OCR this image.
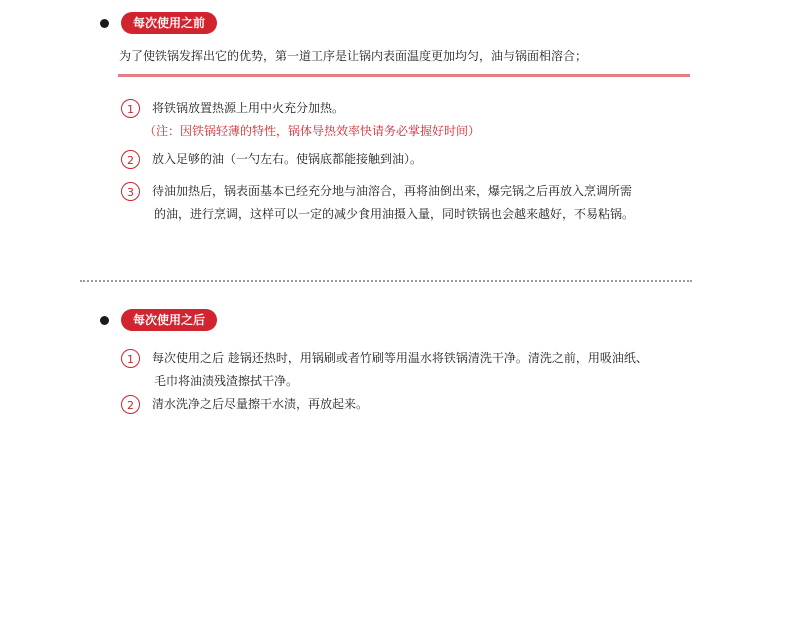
每次使用之前
为了使铁锅发挥出它的优势，第一道工序是让锅内表面温度更加均匀，油与锅面相溶合；
1	将铁锅放置热源上用中火充分加热。
（注：因铁锅轻薄的特性，锅体导热效率快请务必掌握好时间）
2	放入足够的油（一勺左右。使锅底都能接触到油）。
3	待油加热后，锅表面基本已经充分地与油溶合，再将油倒出来，爆完锅之后再放入烹调所需
的油，进行烹调，这样可以一定的减少食用油摄入量，同时铁锅也会越来越好，不易粘锅。
每次使用之后
1	每次使用之后 趁锅还热时，用锅刷或者竹刷等用温水将铁锅清洗干净。清洗之前，用吸油纸、
毛巾将油渍残渣擦拭干净。
2	清水洗净之后尽量擦干水渍，再放起来。
